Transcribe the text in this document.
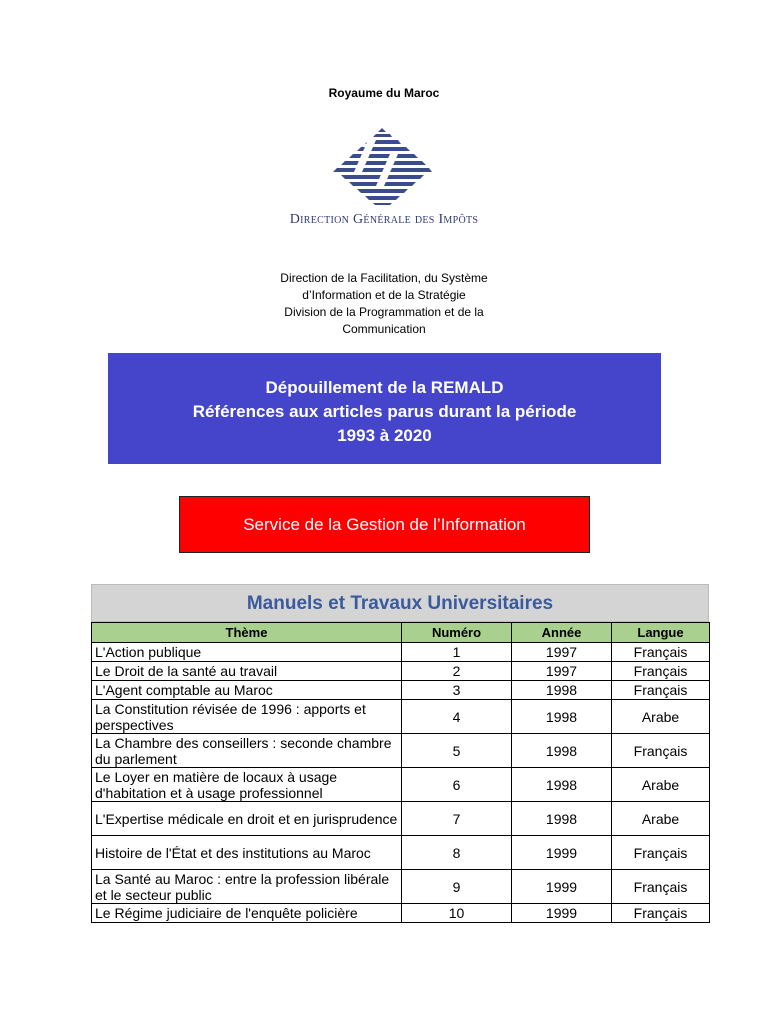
Royaume du Maroc
Direction Générale des Impôts
Direction de la Facilitation, du Système
d’Information et de la Stratégie
Division de la Programmation et de la
Communication
Dépouillement de la REMALD
Références aux articles parus durant la période
1993 à 2020
Service de la Gestion de l’Information
Manuels et Travaux Universitaires
Thème	Numéro	Année	Langue
L'Action publique	1	1997	Français
Le Droit de la santé au travail	2	1997	Français
L'Agent comptable au Maroc	3	1998	Français
La Constitution révisée de 1996 : apports et perspectives	4	1998	Arabe
La Chambre des conseillers : seconde chambre du parlement	5	1998	Français
Le Loyer en matière de locaux à usage d'habitation et à usage professionnel	6	1998	Arabe
L'Expertise médicale en droit et en jurisprudence	7	1998	Arabe
Histoire de l'État et des institutions au Maroc	8	1999	Français
La Santé au Maroc : entre la profession libérale et le secteur public	9	1999	Français
Le Régime judiciaire de l'enquête policière	10	1999	Français
